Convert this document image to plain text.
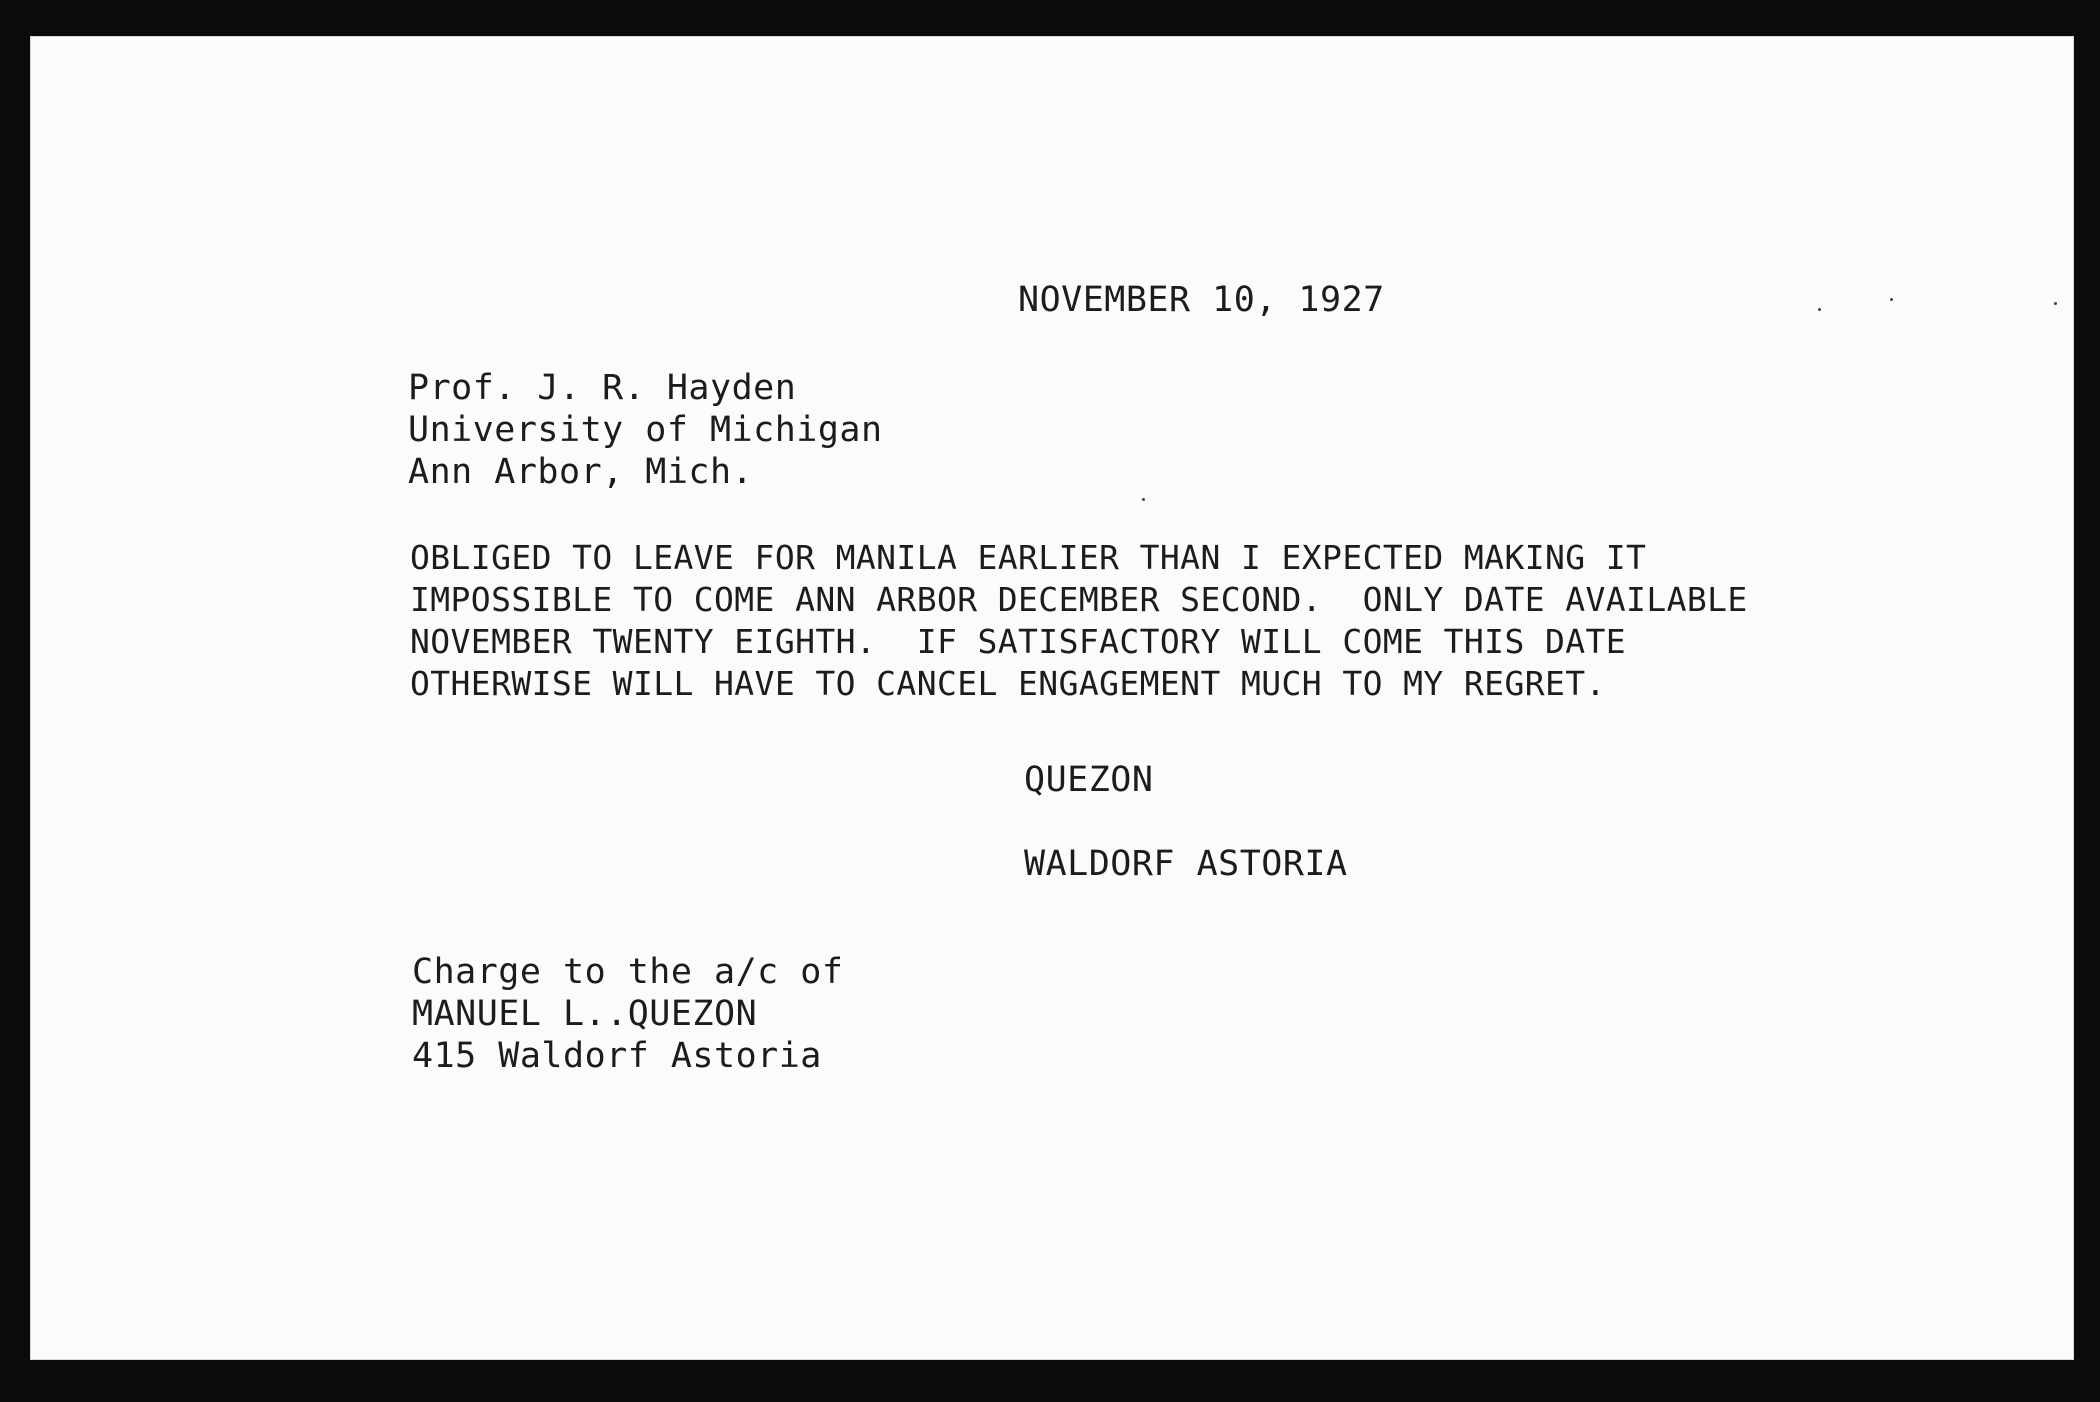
NOVEMBER 10, 1927
Prof. J. R. Hayden
University of Michigan
Ann Arbor, Mich.
OBLIGED TO LEAVE FOR MANILA EARLIER THAN I EXPECTED MAKING IT
IMPOSSIBLE TO COME ANN ARBOR DECEMBER SECOND.  ONLY DATE AVAILABLE
NOVEMBER TWENTY EIGHTH.  IF SATISFACTORY WILL COME THIS DATE
OTHERWISE WILL HAVE TO CANCEL ENGAGEMENT MUCH TO MY REGRET.
QUEZON
WALDORF ASTORIA
Charge to the a/c of
MANUEL L..QUEZON
415 Waldorf Astoria
